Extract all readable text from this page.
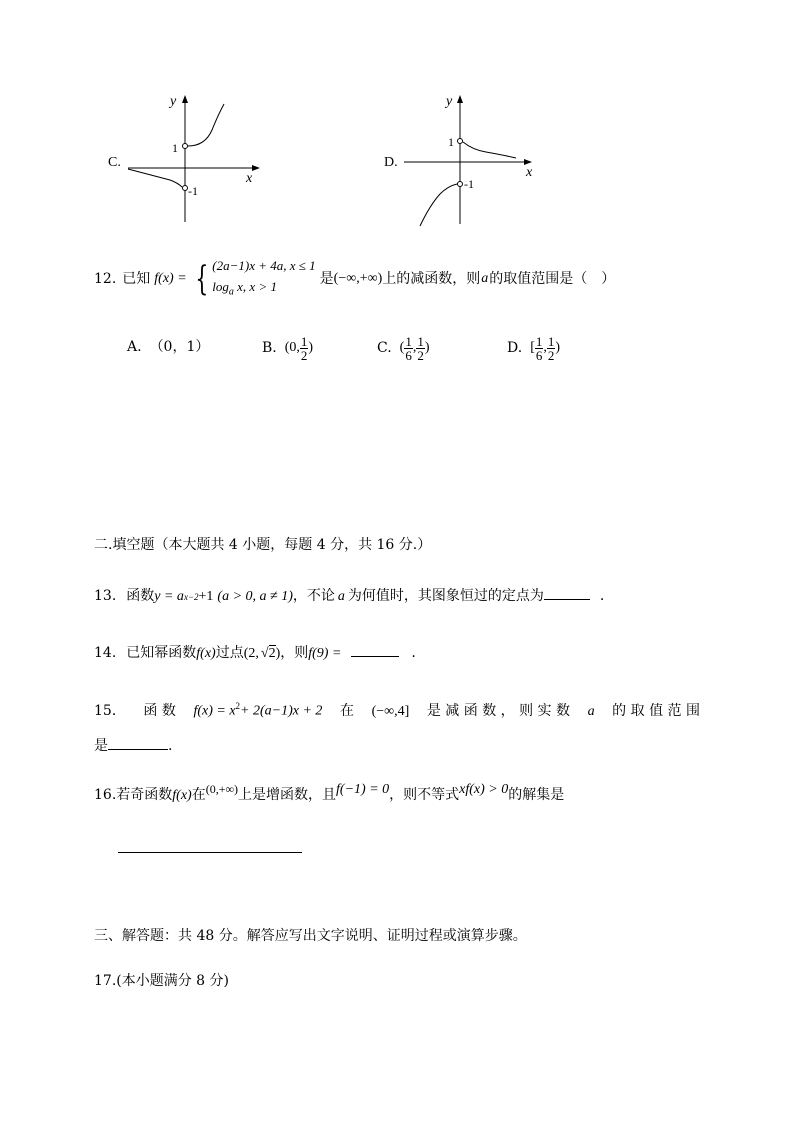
C.
y
x
1
-1
D.
y
x
1
-1
12. 已知 f(x) = { (2a−1)x + 4a, x ≤ 1
$\log_a x$, x > 1	是 (−∞,+∞) 上的减函数，则 a 的取值范围是（　）
A. （0，1）	B. (0, $\frac{1}{2}$ )	C. ( $\frac{1}{6}$ , $\frac{1}{2}$ )	D. [ $\frac{1}{6}$ , $\frac{1}{2}$ )
二.填空题（本大题共 4 小题，每题 4 分，共 16 分.）
13. 函数 y = a x−2 +1 (a > 0, a ≠ 1) ，不论 a 为何值时，其图象恒过的定点为	.
14. 已知幂函数 f(x) 过点 (2, √2 ) ，则 f(9) =	.
15． 函 数 $f(x) = x^2+ 2(a-1)x + 2$ 在 (−∞,4] 是 减 函 数 ， 则 实 数 a 的 取 值 范 围
是	.
16. 若奇函数 f(x) 在 (0,+∞) 上是增函数，且 f(−1) = 0 ，则不等式 xf(x) > 0 的解集是
三、解答题：共 48 分。解答应写出文字说明、证明过程或演算步骤。
17.(本小题满分 8 分)
